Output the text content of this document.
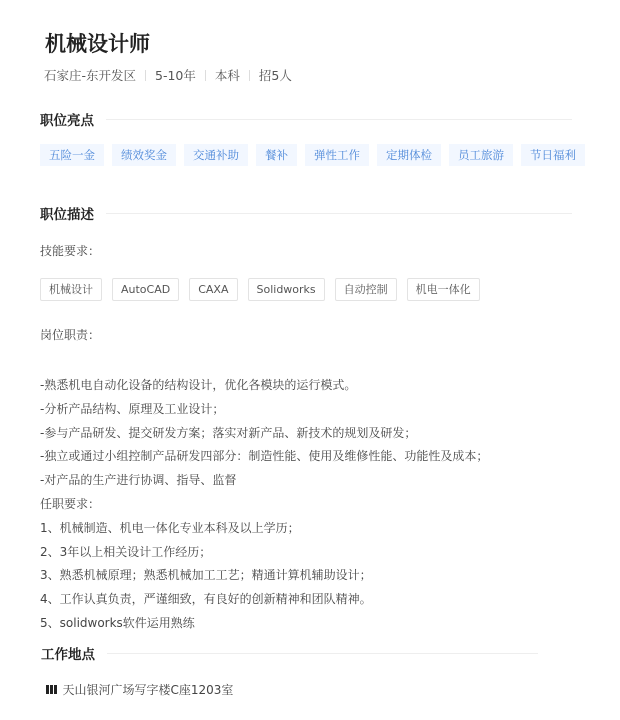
机械设计师
石家庄-东开发区 5-10年 本科 招5人
职位亮点
五险一金	绩效奖金	交通补助	餐补	弹性工作	定期体检	员工旅游	节日福利
职位描述
技能要求：
机械设计	AutoCAD	CAXA	Solidworks	自动控制	机电一体化
岗位职责：
-熟悉机电自动化设备的结构设计，优化各模块的运行模式。
-分析产品结构、原理及工业设计；
-参与产品研发、提交研发方案；落实对新产品、新技术的规划及研发；
-独立或通过小组控制产品研发四部分：制造性能、使用及维修性能、功能性及成本；
-对产品的生产进行协调、指导、监督
任职要求：
1、机械制造、机电一体化专业本科及以上学历；
2、3年以上相关设计工作经历；
3、熟悉机械原理；熟悉机械加工工艺；精通计算机辅助设计；
4、工作认真负责，严谨细致，有良好的创新精神和团队精神。
5、solidworks软件运用熟练
工作地点
天山银河广场写字楼C座1203室
